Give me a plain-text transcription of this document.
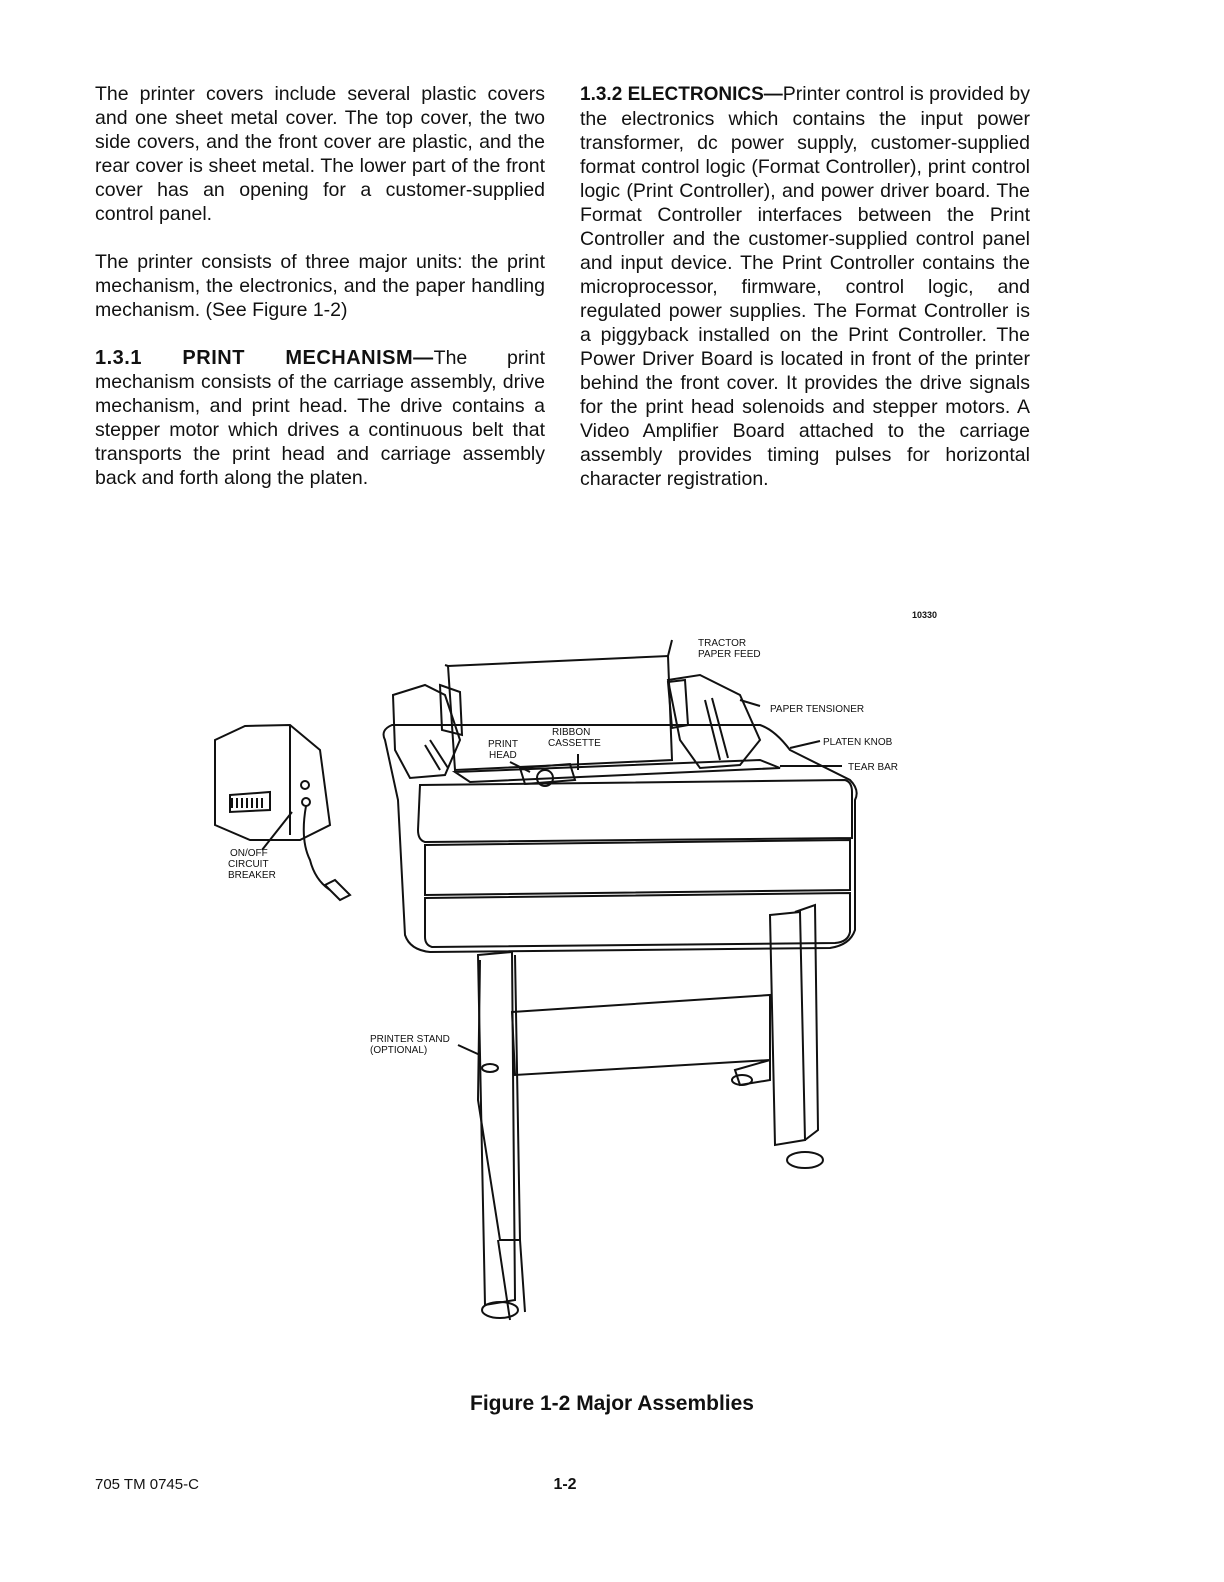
The printer covers include several plastic covers and one sheet metal cover. The top cover, the two side covers, and the front cover are plastic, and the rear cover is sheet metal. The lower part of the front cover has an opening for a customer-supplied control panel.

The printer consists of three major units: the print mechanism, the electronics, and the paper handling mechanism. (See Figure 1-2)

1.3.1 PRINT MECHANISM—The print mechanism consists of the carriage assembly, drive mechanism, and print head. The drive contains a stepper motor which drives a continuous belt that transports the print head and carriage assembly back and forth along the platen.

1.3.2 ELECTRONICS—Printer control is provided by the electronics which contains the input power transformer, dc power supply, customer-supplied format control logic (Format Controller), print control logic (Print Controller), and power driver board. The Format Controller interfaces between the Print Controller and the customer-supplied control panel and input device. The Print Controller contains the microprocessor, firmware, control logic, and regulated power supplies. The Format Controller is a piggyback installed on the Print Controller. The Power Driver Board is located in front of the printer behind the front cover. It provides the drive signals for the print head solenoids and stepper motors. A Video Amplifier Board attached to the carriage assembly provides timing pulses for horizontal character registration.

10330
TRACTOR
PAPER FEED
PAPER TENSIONER
PLATEN KNOB
TEAR BAR
RIBBON
CASSETTE
PRINT
HEAD
ON/OFF
CIRCUIT
BREAKER
PRINTER STAND
(OPTIONAL)
Figure 1-2 Major Assemblies
705 TM 0745-C	1-2
